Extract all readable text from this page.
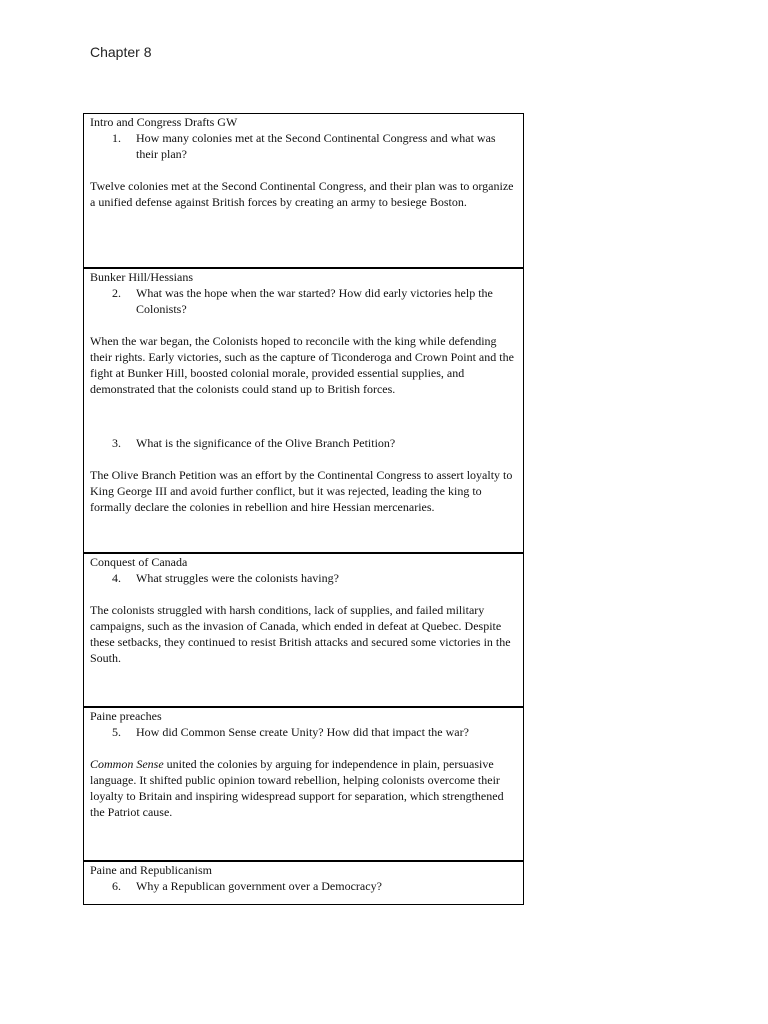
Chapter 8
Intro and Congress Drafts GW
1.	How many colonies met at the Second Continental Congress and what was their plan?

Twelve colonies met at the Second Continental Congress, and their plan was to organize a unified defense against British forces by creating an army to besiege Boston.

Bunker Hill/Hessians
2.	What was the hope when the war started? How did early victories help the Colonists?

When the war began, the Colonists hoped to reconcile with the king while defending their rights. Early victories, such as the capture of Ticonderoga and Crown Point and the fight at Bunker Hill, boosted colonial morale, provided essential supplies, and demonstrated that the colonists could stand up to British forces.

3.	What is the significance of the Olive Branch Petition?

The Olive Branch Petition was an effort by the Continental Congress to assert loyalty to King George III and avoid further conflict, but it was rejected, leading the king to formally declare the colonies in rebellion and hire Hessian mercenaries.

Conquest of Canada
4.	What struggles were the colonists having?

The colonists struggled with harsh conditions, lack of supplies, and failed military campaigns, such as the invasion of Canada, which ended in defeat at Quebec. Despite these setbacks, they continued to resist British attacks and secured some victories in the South.

Paine preaches
5.	How did Common Sense create Unity? How did that impact the war?

Common Sense united the colonies by arguing for independence in plain, persuasive language. It shifted public opinion toward rebellion, helping colonists overcome their loyalty to Britain and inspiring widespread support for separation, which strengthened the Patriot cause.

Paine and Republicanism
6.	Why a Republican government over a Democracy?
